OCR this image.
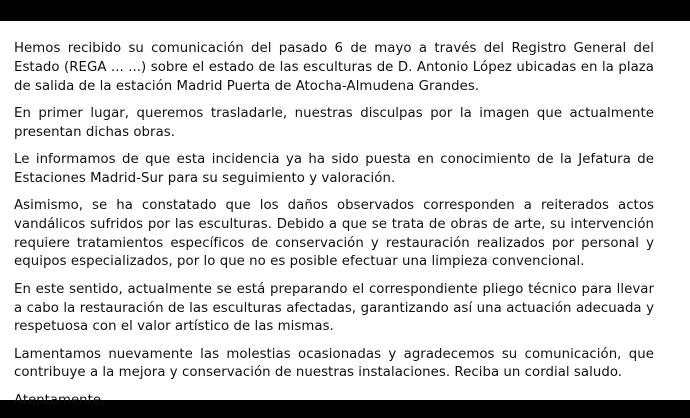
Hemos recibido su comunicación del pasado 6 de mayo a través del Registro General del Estado (REGA ... ...) sobre el estado de las esculturas de D. Antonio López ubicadas en la plaza de salida de la estación Madrid Puerta de Atocha-Almudena Grandes.

En primer lugar, queremos trasladarle, nuestras disculpas por la imagen que actualmente presentan dichas obras.

Le informamos de que esta incidencia ya ha sido puesta en conocimiento de la Jefatura de Estaciones Madrid-Sur para su seguimiento y valoración.

Asimismo, se ha constatado que los daños observados corresponden a reiterados actos vandálicos sufridos por las esculturas. Debido a que se trata de obras de arte, su intervención requiere tratamientos específicos de conservación y restauración realizados por personal y equipos especializados, por lo que no es posible efectuar una limpieza convencional.

En este sentido, actualmente se está preparando el correspondiente pliego técnico para llevar a cabo la restauración de las esculturas afectadas, garantizando así una actuación adecuada y respetuosa con el valor artístico de las mismas.

Lamentamos nuevamente las molestias ocasionadas y agradecemos su comunicación, que contribuye a la mejora y conservación de nuestras instalaciones. Reciba un cordial saludo.

Atentamente,
